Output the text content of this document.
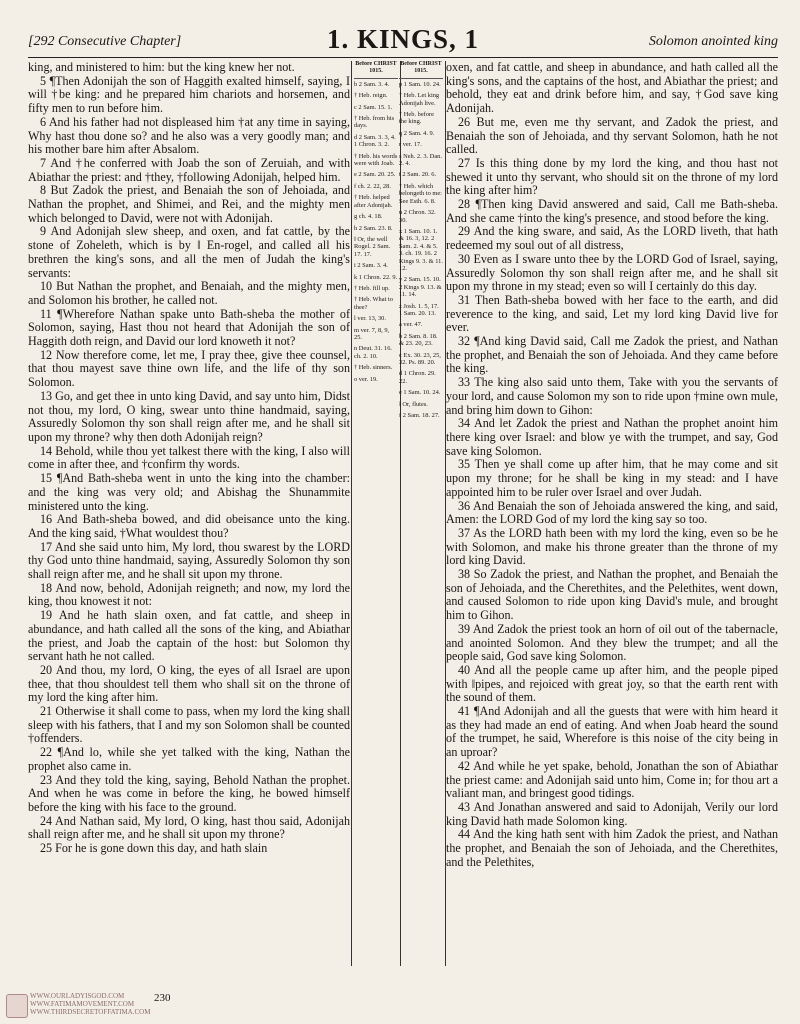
[292 Consecutive Chapter]	1. KINGS, 1	Solomon anointed king

king, and ministered to him: but the king knew her not.

5 ¶Then Adonijah the son of Haggith exalted himself, saying, I will †be king: and he prepared him chariots and horsemen, and fifty men to run before him.

6 And his father had not displeased him †at any time in saying, Why hast thou done so? and he also was a very goodly man; and his mother bare him after Absalom.

7 And †he conferred with Joab the son of Zeruiah, and with Abiathar the priest: and †they, †following Adonijah, helped him.

8 But Zadok the priest, and Benaiah the son of Jehoiada, and Nathan the prophet, and Shimei, and Rei, and the mighty men which belonged to David, were not with Adonijah.

9 And Adonijah slew sheep, and oxen, and fat cattle, by the stone of Zoheleth, which is by ‖ En-rogel, and called all his brethren the king's sons, and all the men of Judah the king's servants:

10 But Nathan the prophet, and Benaiah, and the mighty men, and Solomon his brother, he called not.

11 ¶Wherefore Nathan spake unto Bath-sheba the mother of Solomon, saying, Hast thou not heard that Adonijah the son of Haggith doth reign, and David our lord knoweth it not?

12 Now therefore come, let me, I pray thee, give thee counsel, that thou mayest save thine own life, and the life of thy son Solomon.

13 Go, and get thee in unto king David, and say unto him, Didst not thou, my lord, O king, swear unto thine handmaid, saying, Assuredly Solomon thy son shall reign after me, and he shall sit upon my throne? why then doth Adonijah reign?

14 Behold, while thou yet talkest there with the king, I also will come in after thee, and †confirm thy words.

15 ¶And Bath-sheba went in unto the king into the chamber: and the king was very old; and Abishag the Shunammite ministered unto the king.

16 And Bath-sheba bowed, and did obeisance unto the king. And the king said, †What wouldest thou?

17 And she said unto him, My lord, thou swarest by the LORD thy God unto thine handmaid, saying, Assuredly Solomon thy son shall reign after me, and he shall sit upon my throne.

18 And now, behold, Adonijah reigneth; and now, my lord the king, thou knowest it not:

19 And he hath slain oxen, and fat cattle, and sheep in abundance, and hath called all the sons of the king, and Abiathar the priest, and Joab the captain of the host: but Solomon thy servant hath he not called.

20 And thou, my lord, O king, the eyes of all Israel are upon thee, that thou shouldest tell them who shall sit on the throne of my lord the king after him.

21 Otherwise it shall come to pass, when my lord the king shall sleep with his fathers, that I and my son Solomon shall be counted †offenders.

22 ¶And lo, while she yet talked with the king, Nathan the prophet also came in.

23 And they told the king, saying, Behold Nathan the prophet. And when he was come in before the king, he bowed himself before the king with his face to the ground.

24 And Nathan said, My lord, O king, hast thou said, Adonijah shall reign after me, and he shall sit upon my throne?

25 For he is gone down this day, and hath slain

Before CHRIST 1015.
b 2 Sam. 3. 4.
† Heb. reign.
c 2 Sam. 15. 1.
† Heb. from his days.
d 2 Sam. 3. 3, 4. 1 Chron. 3. 2.
† Heb. his words were with Joab.
e 2 Sam. 20. 25.
f ch. 2. 22, 28.
† Heb. helped after Adonijah.
g ch. 4. 18.
h 2 Sam. 23. 8.
‖ Or, the well Rogel. 2 Sam. 17. 17.
i 2 Sam. 3. 4.
k 1 Chron. 22. 9.
† Heb. fill up.
† Heb. What to thee?
l ver. 13, 30.
m ver. 7, 8, 9, 25.
n Deut. 31. 16. ch. 2. 10.
† Heb. sinners.
o ver. 19.
Before CHRIST 1015.
p 1 Sam. 10. 24.
† Heb. Let king Adonijah live.
† Heb. before the king.
q 2 Sam. 4. 9.
r ver. 17.
s Neh. 2. 3. Dan. 2. 4.
t 2 Sam. 20. 6.
† Heb. which belongeth to me: See Esth. 6. 8.
u 2 Chron. 32. 30.
x 1 Sam. 10. 1. & 16. 3, 12. 2 Sam. 2. 4. & 5. 3. ch. 19. 16. 2 Kings 9. 3. & 11. 12.
y 2 Sam. 15. 10. 2 Kings 9. 13. & 11. 14.
z Josh. 1. 5, 17. 1 Sam. 20. 13.
a ver. 47.
b 2 Sam. 8. 18. & 23. 20, 23.
c Ex. 30. 23, 25, 32. Ps. 89. 20.
d 1 Chron. 29. 22.
e 1 Sam. 10. 24.
‖ Or, flutes.
f 2 Sam. 18. 27.

oxen, and fat cattle, and sheep in abundance, and hath called all the king's sons, and the captains of the host, and Abiathar the priest; and behold, they eat and drink before him, and say, †God save king Adonijah.

26 But me, even me thy servant, and Zadok the priest, and Benaiah the son of Jehoiada, and thy servant Solomon, hath he not called.

27 Is this thing done by my lord the king, and thou hast not shewed it unto thy servant, who should sit on the throne of my lord the king after him?

28 ¶Then king David answered and said, Call me Bath-sheba. And she came †into the king's presence, and stood before the king.

29 And the king sware, and said, As the LORD liveth, that hath redeemed my soul out of all distress,

30 Even as I sware unto thee by the LORD God of Israel, saying, Assuredly Solomon thy son shall reign after me, and he shall sit upon my throne in my stead; even so will I certainly do this day.

31 Then Bath-sheba bowed with her face to the earth, and did reverence to the king, and said, Let my lord king David live for ever.

32 ¶And king David said, Call me Zadok the priest, and Nathan the prophet, and Benaiah the son of Jehoiada. And they came before the king.

33 The king also said unto them, Take with you the servants of your lord, and cause Solomon my son to ride upon †mine own mule, and bring him down to Gihon:

34 And let Zadok the priest and Nathan the prophet anoint him there king over Israel: and blow ye with the trumpet, and say, God save king Solomon.

35 Then ye shall come up after him, that he may come and sit upon my throne; for he shall be king in my stead: and I have appointed him to be ruler over Israel and over Judah.

36 And Benaiah the son of Jehoiada answered the king, and said, Amen: the LORD God of my lord the king say so too.

37 As the LORD hath been with my lord the king, even so be he with Solomon, and make his throne greater than the throne of my lord king David.

38 So Zadok the priest, and Nathan the prophet, and Benaiah the son of Jehoiada, and the Cherethites, and the Pelethites, went down, and caused Solomon to ride upon king David's mule, and brought him to Gihon.

39 And Zadok the priest took an horn of oil out of the tabernacle, and anointed Solomon. And they blew the trumpet; and all the people said, God save king Solomon.

40 And all the people came up after him, and the people piped with ‖pipes, and rejoiced with great joy, so that the earth rent with the sound of them.

41 ¶And Adonijah and all the guests that were with him heard it as they had made an end of eating. And when Joab heard the sound of the trumpet, he said, Wherefore is this noise of the city being in an uproar?

42 And while he yet spake, behold, Jonathan the son of Abiathar the priest came: and Adonijah said unto him, Come in; for thou art a valiant man, and bringest good tidings.

43 And Jonathan answered and said to Adonijah, Verily our lord king David hath made Solomon king.

44 And the king hath sent with him Zadok the priest, and Nathan the prophet, and Benaiah the son of Jehoiada, and the Cherethites, and the Pelethites,

WWW.OURLADYISGOD.COM
WWW.FATIMAMOVEMENT.COM
WWW.THIRDSECRETOFFATIMA.COM
230
